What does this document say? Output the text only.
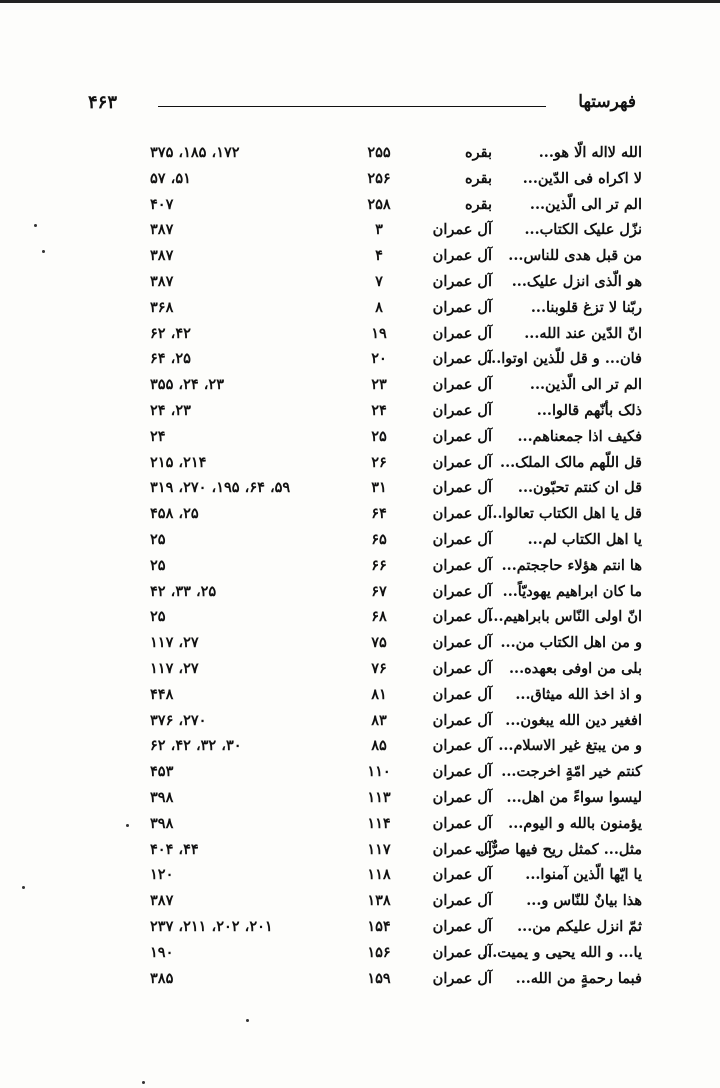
فهرستها
۴۶۳
الله لااله الّا هو...
بقره
۲۵۵
۱۷۲، ۱۸۵، ۳۷۵
لا اکراه فی الدّین...
بقره
۲۵۶
۵۱، ۵۷
الم تر الی الّذین...
بقره
۲۵۸
۴۰۷
نزّل علیک الکتاب...
آل عمران
۳
۳۸۷
من قبل هدی للناس...
آل عمران
۴
۳۸۷
هو الّذی انزل علیک...
آل عمران
۷
۳۸۷
ربّنا لا تزغ قلوبنا...
آل عمران
۸
۳۶۸
انّ الدّین عند الله...
آل عمران
۱۹
۴۲، ۶۲
فان... و قل للّذین اوتوا...
آل عمران
۲۰
۲۵، ۶۴
الم تر الی الّذین...
آل عمران
۲۳
۲۳، ۲۴، ۳۵۵
ذلک بأنّهم قالوا...
آل عمران
۲۴
۲۳، ۲۴
فکیف اذا جمعناهم...
آل عمران
۲۵
۲۴
قل اللّهم مالک الملک...
آل عمران
۲۶
۲۱۴، ۲۱۵
قل ان کنتم تحبّون...
آل عمران
۳۱
۵۹، ۶۴، ۱۹۵، ۲۷۰، ۳۱۹
قل یا اهل الکتاب تعالوا...
آل عمران
۶۴
۲۵، ۴۵۸
یا اهل الکتاب لم...
آل عمران
۶۵
۲۵
ها انتم هؤلاء حاججتم...
آل عمران
۶۶
۲۵
ما کان ابراهیم یهودیّاً...
آل عمران
۶۷
۲۵، ۳۳، ۴۲
انّ اولی النّاس بابراهیم...
آل عمران
۶۸
۲۵
و من اهل الکتاب من...
آل عمران
۷۵
۲۷، ۱۱۷
بلی من اوفی بعهده...
آل عمران
۷۶
۲۷، ۱۱۷
و اذ اخذ الله میثاق...
آل عمران
۸۱
۴۴۸
افغیر دین الله یبغون...
آل عمران
۸۳
۲۷۰، ۳۷۶
و من یبتغ غیر الاسلام...
آل عمران
۸۵
۳۰، ۳۲، ۴۲، ۶۲
کنتم خیر امّةٍ اخرجت...
آل عمران
۱۱۰
۴۵۳
لیسوا سواءً من اهل...
آل عمران
۱۱۳
۳۹۸
یؤمنون بالله و الیوم...
آل عمران
۱۱۴
۳۹۸
مثل... کمثل ریح فیها صرٌّ...
آل عمران
۱۱۷
۴۴، ۴۰۴
یا ایّها الّذین آمنوا...
آل عمران
۱۱۸
۱۲۰
هذا بیانٌ للنّاس و...
آل عمران
۱۳۸
۳۸۷
ثمّ انزل علیکم من...
آل عمران
۱۵۴
۲۰۱، ۲۰۲، ۲۱۱، ۲۳۷
یا... و الله یحیی و یمیت...
آل عمران
۱۵۶
۱۹۰
فبما رحمةٍ من الله...
آل عمران
۱۵۹
۳۸۵
